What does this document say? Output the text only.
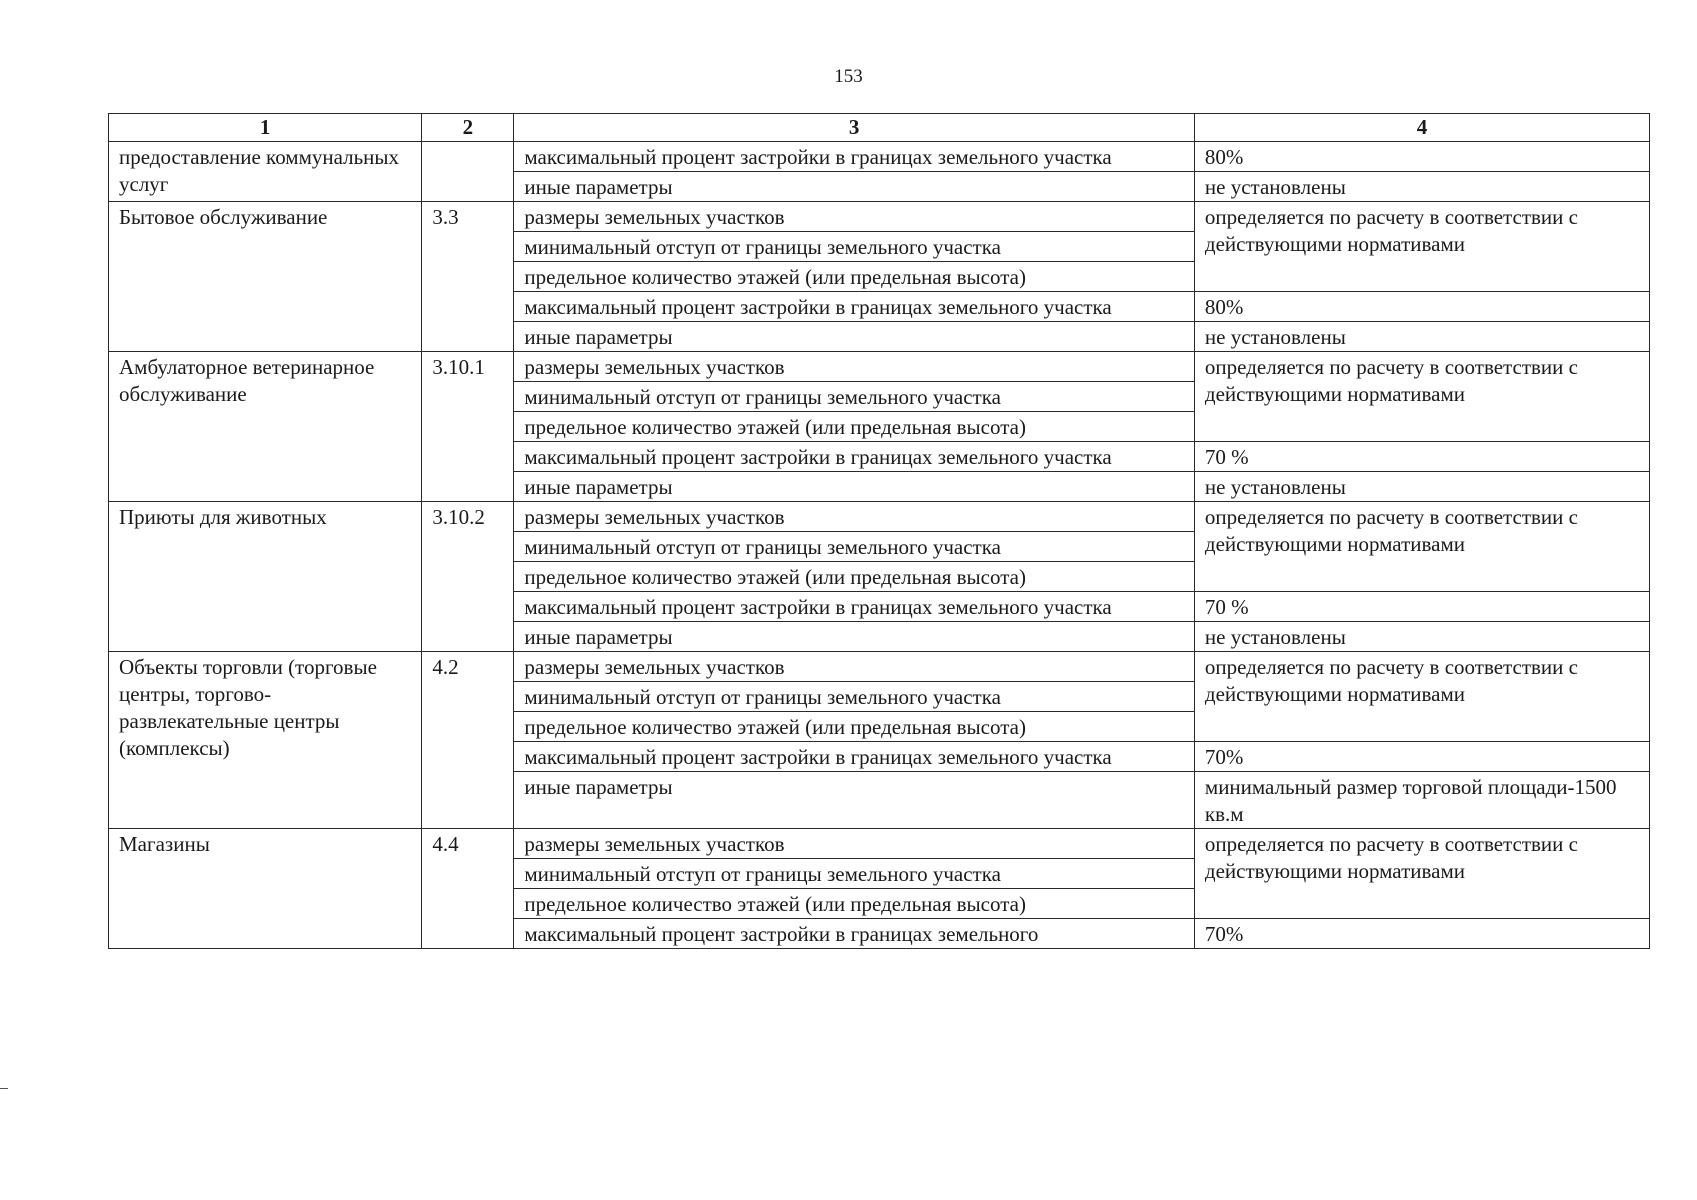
153
1	2	3	4
предоставление коммунальных услуг		максимальный процент застройки в границах земельного участка	80%
		иные параметры	не установлены
Бытовое обслуживание	3.3	размеры земельных участков	определяется по расчету в соответствии с действующими нормативами
		минимальный отступ от границы земельного участка	
		предельное количество этажей (или предельная высота)	
		максимальный процент застройки в границах земельного участка	80%
		иные параметры	не установлены
Амбулаторное ветеринарное обслуживание	3.10.1	размеры земельных участков	определяется по расчету в соответствии с действующими нормативами
		минимальный отступ от границы земельного участка	
		предельное количество этажей (или предельная высота)	
		максимальный процент застройки в границах земельного участка	70 %
		иные параметры	не установлены
Приюты для животных	3.10.2	размеры земельных участков	определяется по расчету в соответствии с действующими нормативами
		минимальный отступ от границы земельного участка	
		предельное количество этажей (или предельная высота)	
		максимальный процент застройки в границах земельного участка	70 %
		иные параметры	не установлены
Объекты торговли (торговые центры, торгово-развлекательные центры (комплексы)	4.2	размеры земельных участков	определяется по расчету в соответствии с действующими нормативами
		минимальный отступ от границы земельного участка	
		предельное количество этажей (или предельная высота)	
		максимальный процент застройки в границах земельного участка	70%
		иные параметры	минимальный размер торговой площади-1500 кв.м
Магазины	4.4	размеры земельных участков	определяется по расчету в соответствии с действующими нормативами
		минимальный отступ от границы земельного участка	
		предельное количество этажей (или предельная высота)	
		максимальный процент застройки в границах земельного	70%
